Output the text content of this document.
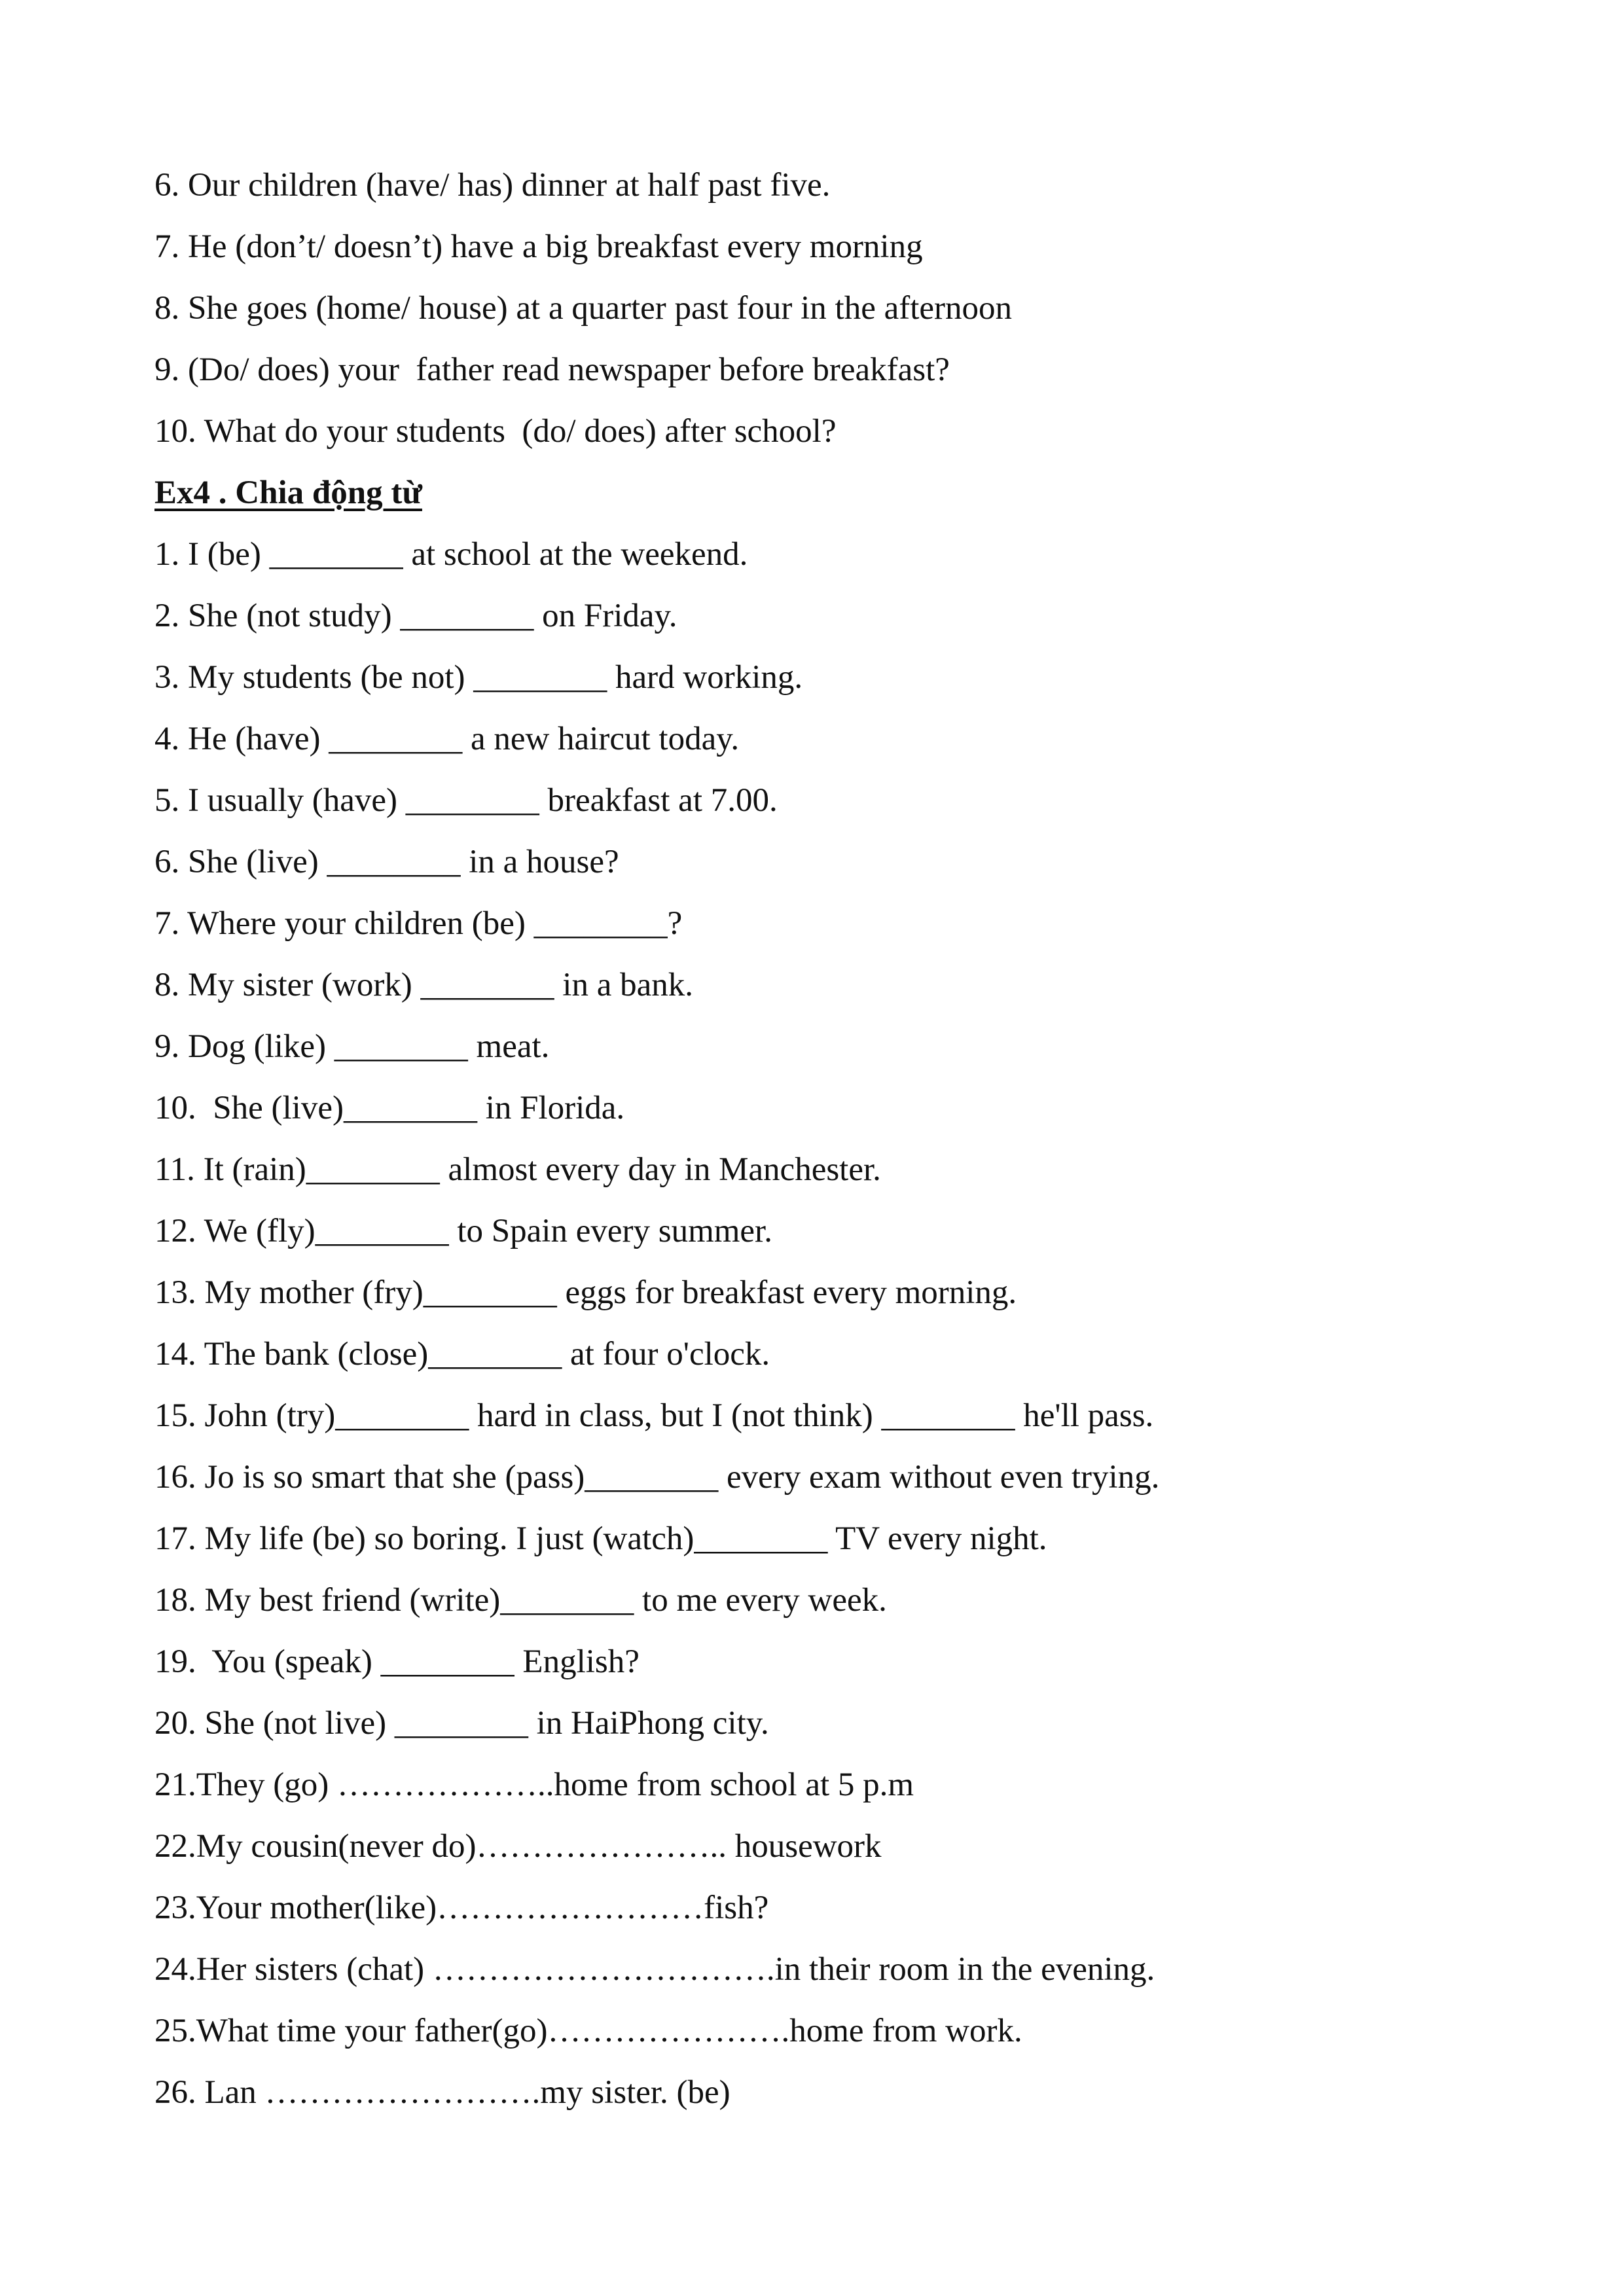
6. Our children (have/ has) dinner at half past five.
7. He (don’t/ doesn’t) have a big breakfast every morning
8. She goes (home/ house) at a quarter past four in the afternoon
9. (Do/ does) your  father read newspaper before breakfast?
10. What do your students  (do/ does) after school?
Ex4 . Chia động từ
1. I (be) ________ at school at the weekend.
2. She (not study) ________ on Friday.
3. My students (be not) ________ hard working.
4. He (have) ________ a new haircut today.
5. I usually (have) ________ breakfast at 7.00.
6. She (live) ________ in a house?
7. Where your children (be) ________?
8. My sister (work) ________ in a bank.
9. Dog (like) ________ meat.
10.  She (live)________ in Florida.
11. It (rain)________ almost every day in Manchester.
12. We (fly)________ to Spain every summer.
13. My mother (fry)________ eggs for breakfast every morning.
14. The bank (close)________ at four o'clock.
15. John (try)________ hard in class, but I (not think) ________ he'll pass.
16. Jo is so smart that she (pass)________ every exam without even trying.
17. My life (be) so boring. I just (watch)________ TV every night.
18. My best friend (write)________ to me every week.
19.  You (speak) ________ English?
20. She (not live) ________ in HaiPhong city.
21.They (go) ………………..home from school at 5 p.m
22.My cousin(never do)………………….. housework
23.Your mother(like)……………………fish?
24.Her sisters (chat) ………………………….in their room in the evening.
25.What time your father(go)………………….home from work.
26. Lan …………………….my sister. (be)
